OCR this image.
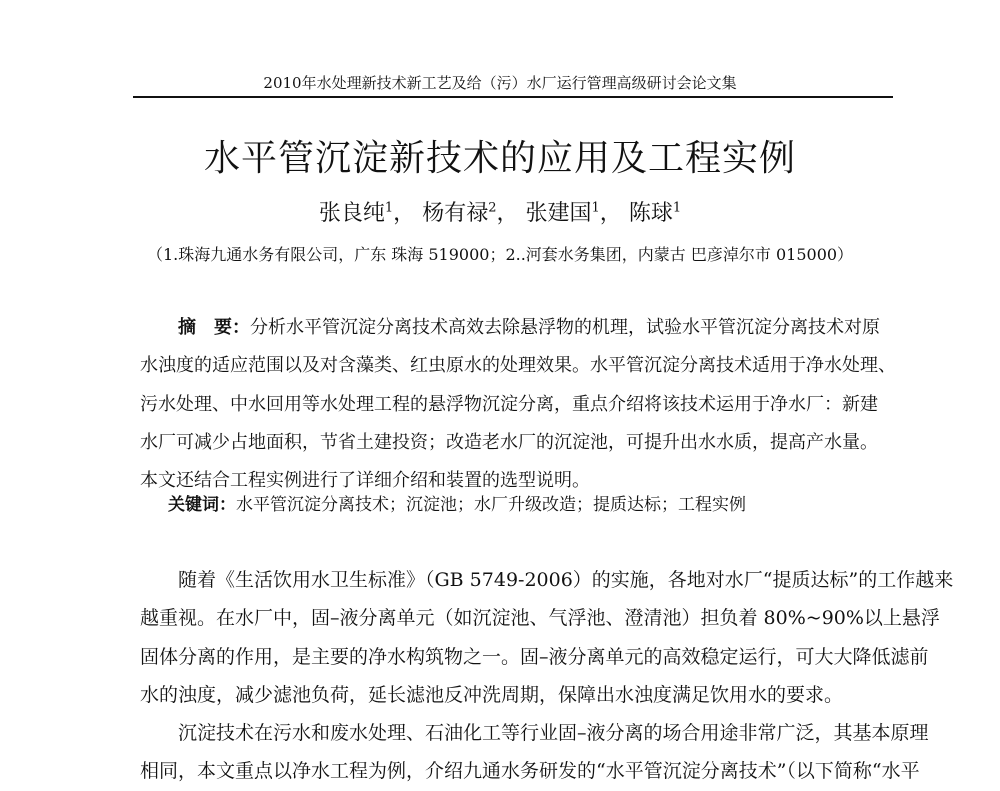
2010年水处理新技术新工艺及给（污）水厂运行管理高级研讨会论文集
水平管沉淀新技术的应用及工程实例
张良纯$^1$， 杨有禄$^2$， 张建国$^1$， 陈球$^1$
（1.珠海九通水务有限公司，广东 珠海 519000；2..河套水务集团，内蒙古 巴彦淖尔市 015000）
摘　要：分析水平管沉淀分离技术高效去除悬浮物的机理，试验水平管沉淀分离技术对原
水浊度的适应范围以及对含藻类、红虫原水的处理效果。水平管沉淀分离技术适用于净水处理、
污水处理、中水回用等水处理工程的悬浮物沉淀分离，重点介绍将该技术运用于净水厂：新建
水厂可减少占地面积，节省土建投资；改造老水厂的沉淀池，可提升出水水质，提高产水量。
本文还结合工程实例进行了详细介绍和装置的选型说明。
关键词：水平管沉淀分离技术；沉淀池；水厂升级改造；提质达标；工程实例
随着《生活饮用水卫生标准》（GB 5749-2006）的实施，各地对水厂“提质达标”的工作越来
越重视。在水厂中，固–液分离单元（如沉淀池、气浮池、澄清池）担负着 80%~90%以上悬浮
固体分离的作用，是主要的净水构筑物之一。固–液分离单元的高效稳定运行，可大大降低滤前
水的浊度，减少滤池负荷，延长滤池反冲洗周期，保障出水浊度满足饮用水的要求。
沉淀技术在污水和废水处理、石油化工等行业固–液分离的场合用途非常广泛，其基本原理
相同，本文重点以净水工程为例，介绍九通水务研发的“水平管沉淀分离技术”（以下简称“水平
